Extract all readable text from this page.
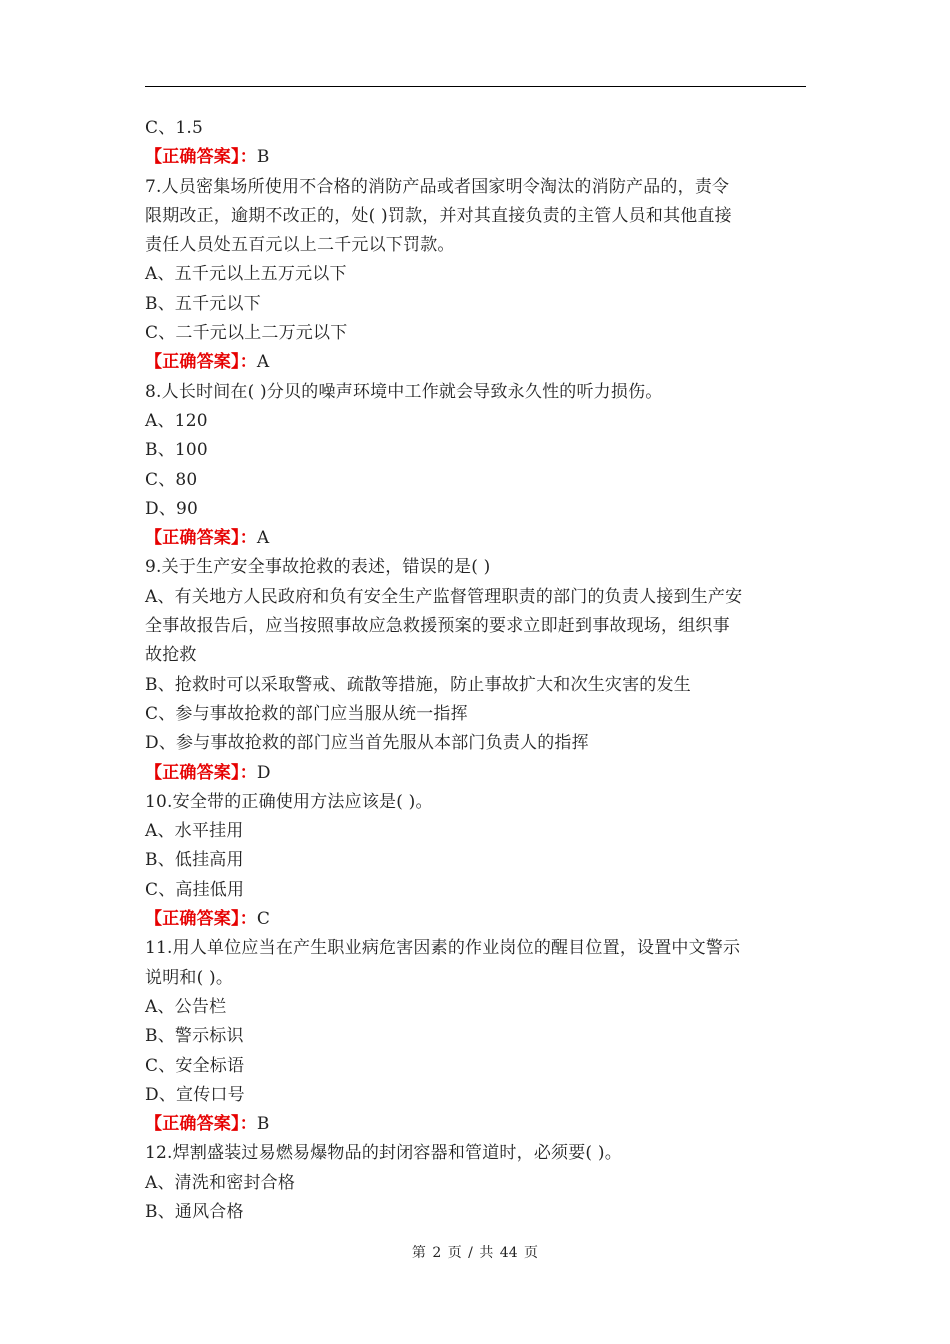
C、1.5
【正确答案】：B
7.人员密集场所使用不合格的消防产品或者国家明令淘汰的消防产品的，责令
限期改正，逾期不改正的，处( )罚款，并对其直接负责的主管人员和其他直接
责任人员处五百元以上二千元以下罚款。
A、五千元以上五万元以下
B、五千元以下
C、二千元以上二万元以下
【正确答案】：A
8.人长时间在( )分贝的噪声环境中工作就会导致永久性的听力损伤。
A、120
B、100
C、80
D、90
【正确答案】：A
9.关于生产安全事故抢救的表述，错误的是( )
A、有关地方人民政府和负有安全生产监督管理职责的部门的负责人接到生产安
全事故报告后，应当按照事故应急救援预案的要求立即赶到事故现场，组织事
故抢救
B、抢救时可以采取警戒、疏散等措施，防止事故扩大和次生灾害的发生
C、参与事故抢救的部门应当服从统一指挥
D、参与事故抢救的部门应当首先服从本部门负责人的指挥
【正确答案】：D
10.安全带的正确使用方法应该是( )。
A、水平挂用
B、低挂高用
C、高挂低用
【正确答案】：C
11.用人单位应当在产生职业病危害因素的作业岗位的醒目位置，设置中文警示
说明和( )。
A、公告栏
B、警示标识
C、安全标语
D、宣传口号
【正确答案】：B
12.焊割盛装过易燃易爆物品的封闭容器和管道时，必须要( )。
A、清洗和密封合格
B、通风合格
第 2 页 / 共 44 页
